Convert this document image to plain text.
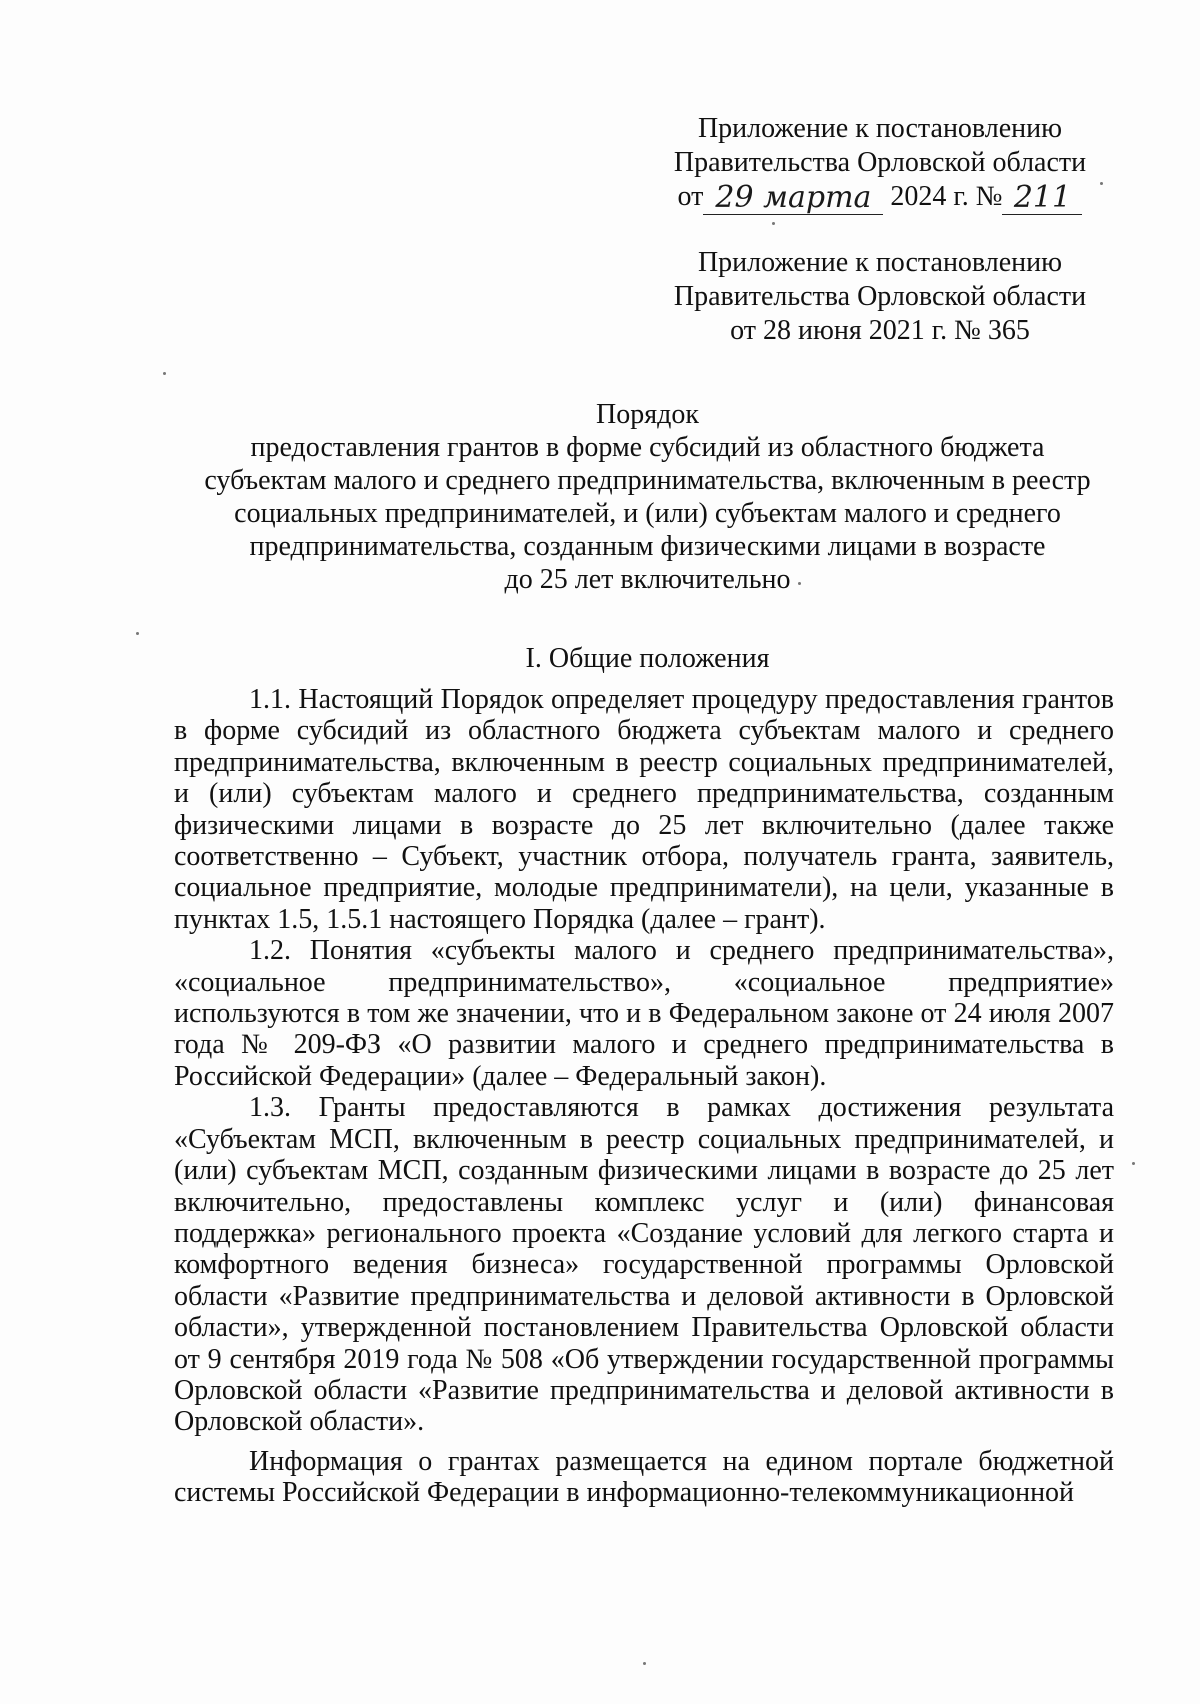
Приложение к постановлению
Правительства Орловской области
от 29 марта 2024 г. № 211

Приложение к постановлению
Правительства Орловской области
от 28 июня 2021 г. № 365
Порядок
предоставления грантов в форме субсидий из областного бюджета
субъектам малого и среднего предпринимательства, включенным в реестр
социальных предпринимателей, и (или) субъектам малого и среднего
предпринимательства, созданным физическими лицами в возрасте
до 25 лет включительно
I. Общие положения

1.1. Настоящий Порядок определяет процедуру предоставления грантов в форме субсидий из областного бюджета субъектам малого и среднего предпринимательства, включенным в реестр социальных предпринимателей, и (или) субъектам малого и среднего предпринимательства, созданным физическими лицами в возрасте до 25 лет включительно (далее также соответственно – Субъект, участник отбора, получатель гранта, заявитель, социальное предприятие, молодые предприниматели), на цели, указанные в пунктах 1.5, 1.5.1 настоящего Порядка (далее – грант).

1.2. Понятия «субъекты малого и среднего предпринимательства», «социальное предпринимательство», «социальное предприятие» используются в том же значении, что и в Федеральном законе от 24 июля 2007 года № 209-ФЗ «О развитии малого и среднего предпринимательства в Российской Федерации» (далее – Федеральный закон).

1.3. Гранты предоставляются в рамках достижения результата «Субъектам МСП, включенным в реестр социальных предпринимателей, и (или) субъектам МСП, созданным физическими лицами в возрасте до 25 лет включительно, предоставлены комплекс услуг и (или) финансовая поддержка» регионального проекта «Создание условий для легкого старта и комфортного ведения бизнеса» государственной программы Орловской области «Развитие предпринимательства и деловой активности в Орловской области», утвержденной постановлением Правительства Орловской области от 9 сентября 2019 года № 508 «Об утверждении государственной программы Орловской области «Развитие предпринимательства и деловой активности в Орловской области».

Информация о грантах размещается на едином портале бюджетной системы Российской Федерации в информационно-телекоммуникационной
